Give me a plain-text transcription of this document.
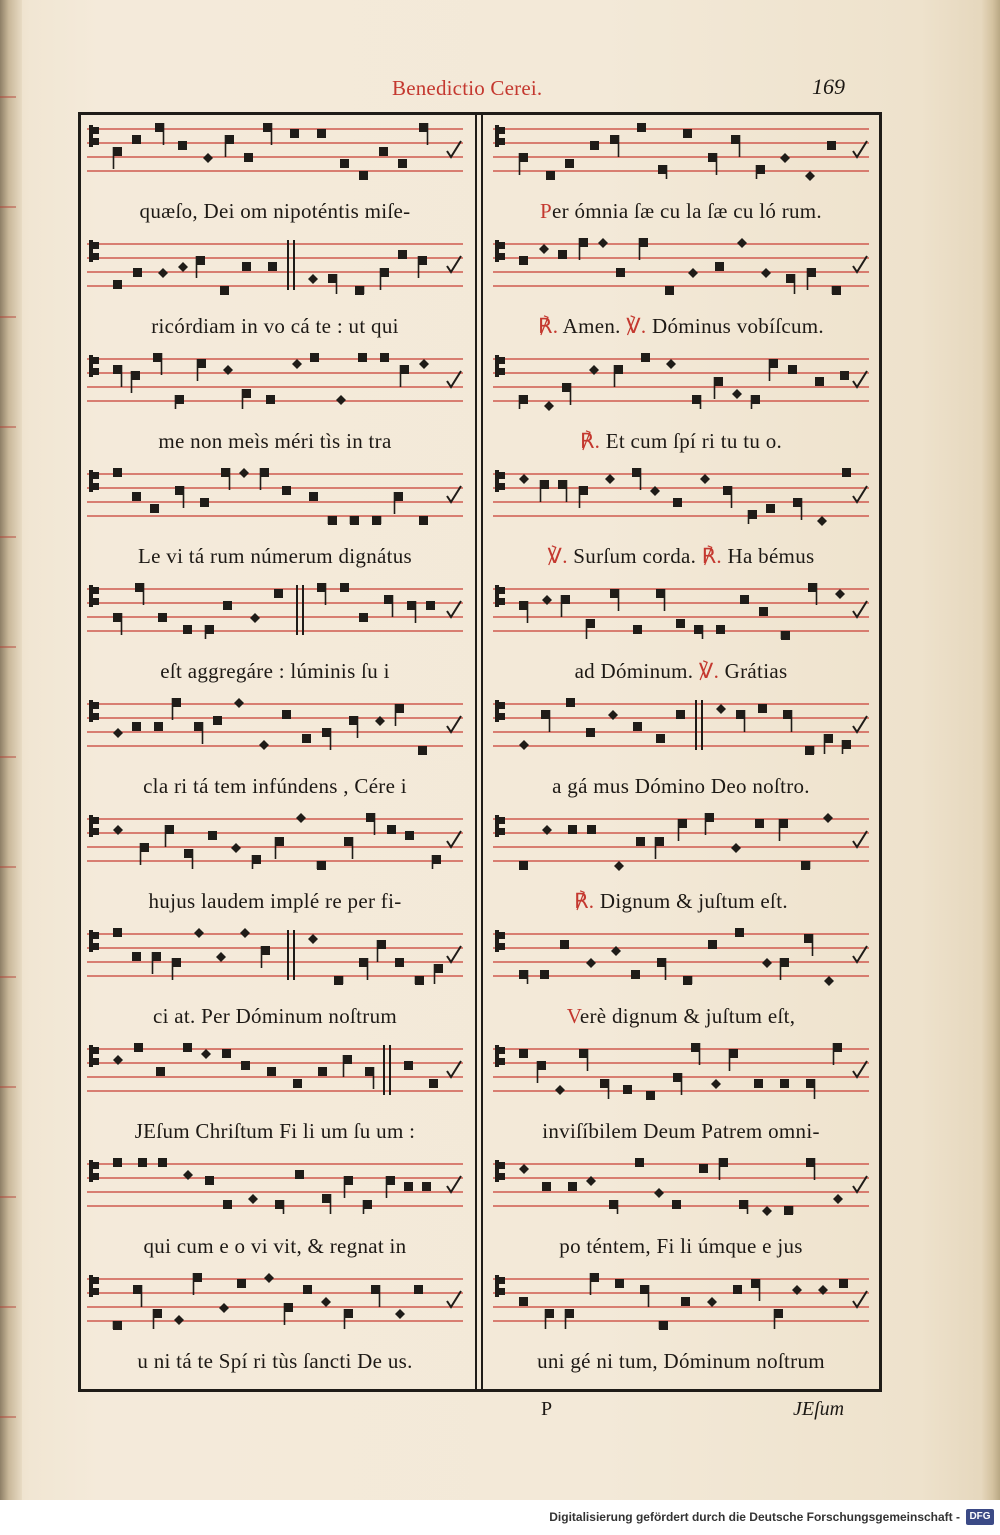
Benedictio Cerei.	169
quæſo, Dei om nipoténtis miſe-
ricórdiam in vo cá te : ut qui
me non meìs méri tìs in tra
Le vi tá rum númerum dignátus
eſt aggregáre : lúminis ſu i
cla ri tá tem infúndens , Cére i
hujus laudem implé re per fi-
ci at. Per Dóminum noſtrum
JEſum Chriſtum Fi li um ſu um :
qui cum e o vi vit, & regnat in
u ni tá te Spí ri tùs ſancti De us.
Per ómnia ſæ cu la ſæ cu ló rum.
℟. Amen. ℣. Dóminus vobíſcum.
℟. Et cum ſpí ri tu tu o.
℣. Surſum corda. ℟. Ha bémus
ad Dóminum. ℣. Grátias
a gá mus Dómino Deo noſtro.
℟. Dignum & juſtum eſt.
Verè dignum & juſtum eſt,
inviſíbilem Deum Patrem omni-
po téntem, Fi li úmque e jus
uni gé ni tum, Dóminum noſtrum
P	JEſum
Digitalisierung gefördert durch die Deutsche Forschungsgemeinschaft - DFG
